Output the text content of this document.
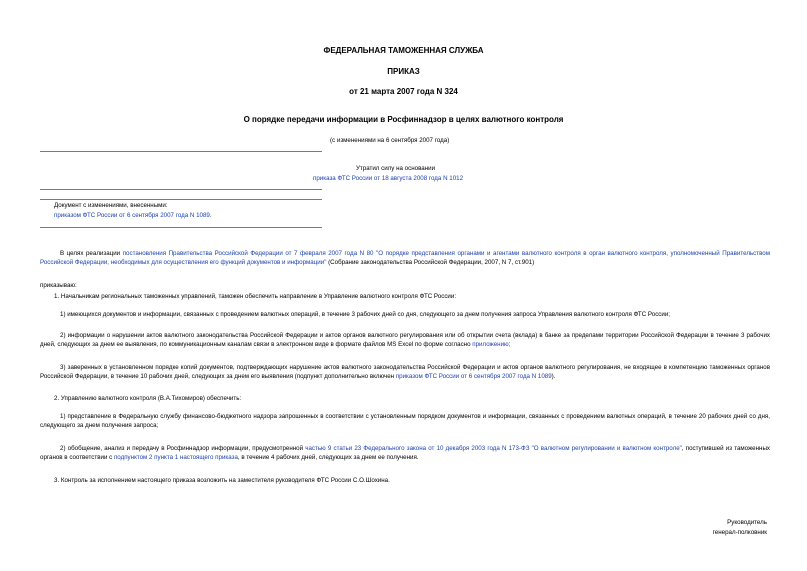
ФЕДЕРАЛЬНАЯ ТАМОЖЕННАЯ СЛУЖБА
ПРИКАЗ
от 21 марта 2007 года N 324
О порядке передачи информации в Росфиннадзор в целях валютного контроля
(с изменениями на 6 сентября 2007 года)
Утратил силу на основании
приказа ФТС России от 18 августа 2008 года N 1012
Документ с изменениями, внесенными:
приказом ФТС России от 6 сентября 2007 года N 1089.
В целях реализации постановления Правительства Российской Федерации от 7 февраля 2007 года N 80 "О порядке представления органами и агентами валютного контроля в орган валютного контроля, уполномоченный Правительством Российской Федерации, необходимых для осуществления его функций документов и информации" (Собрание законодательства Российской Федерации, 2007, N 7, ст.901)
приказываю:
1. Начальникам региональных таможенных управлений, таможен обеспечить направление в Управление валютного контроля ФТС России:
1) имеющихся документов и информации, связанных с проведением валютных операций, в течение 3 рабочих дней со дня, следующего за днем получения запроса Управления валютного контроля ФТС России;
2) информации о нарушении актов валютного законодательства Российской Федерации и актов органов валютного регулирования или об открытии счета (вклада) в банке за пределами территории Российской Федерации в течение 3 рабочих дней, следующих за днем ее выявления, по коммуникационным каналам связи в электронном виде в формате файлов MS Excel по форме согласно приложению;
3) заверенных в установленном порядке копий документов, подтверждающих нарушение актов валютного законодательства Российской Федерации и актов органов валютного регулирования, не входящее в компетенцию таможенных органов Российской Федерации, в течение 10 рабочих дней, следующих за днем его выявления (подпункт дополнительно включен приказом ФТС России от 6 сентября 2007 года N 1089).
2. Управлению валютного контроля (В.А.Тихомиров) обеспечить:
1) представление в Федеральную службу финансово-бюджетного надзора запрошенных в соответствии с установленным порядком документов и информации, связанных с проведением валютных операций, в течение 20 рабочих дней со дня, следующего за днем получения запроса;
2) обобщение, анализ и передачу в Росфиннадзор информации, предусмотренной частью 9 статьи 23 Федерального закона от 10 декабря 2003 года N 173-ФЗ "О валютном регулировании и валютном контроле", поступившей из таможенных органов в соответствии с подпунктом 2 пункта 1 настоящего приказа, в течение 4 рабочих дней, следующих за днем ее получения.
3. Контроль за исполнением настоящего приказа возложить на заместителя руководителя ФТС России С.О.Шохина.
Руководитель
генерал-полковник
